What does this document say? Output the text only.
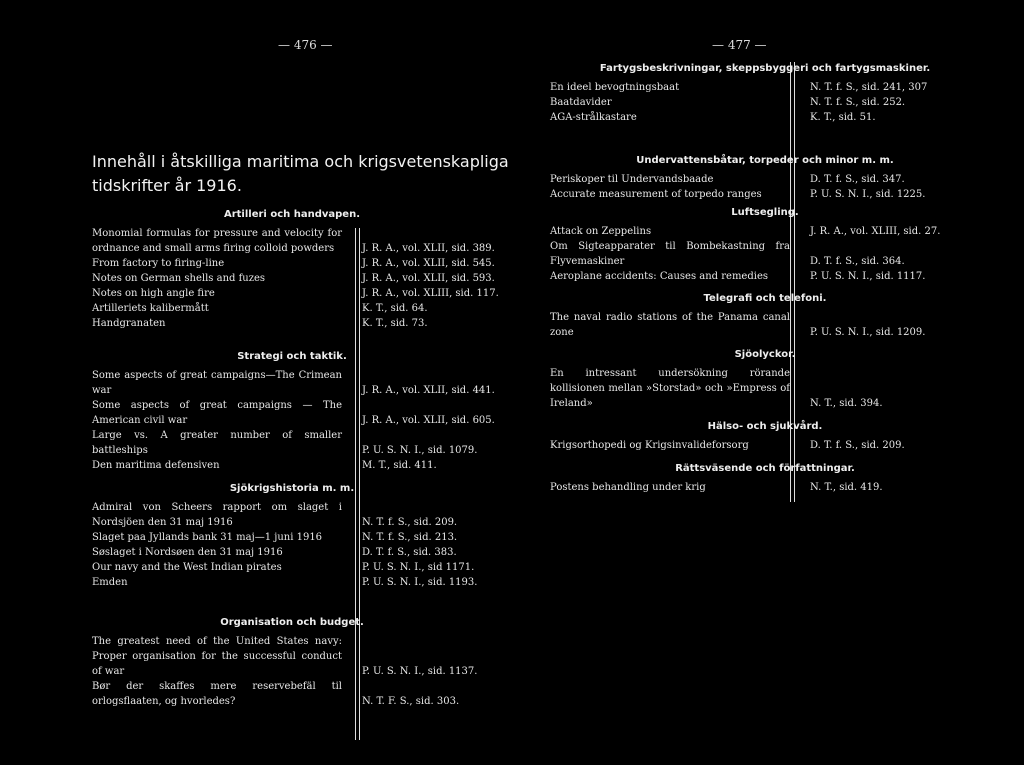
— 476 —
Innehåll i åtskilliga maritima och krigsvetenskapliga
tidskrifter år 1916.
Artilleri och handvapen.
Monomial formulas for pressure and velocity for ordnance and small arms firing colloid powders	J. R. A., vol. XLII, sid. 389.
From factory to firing-line	J. R. A., vol. XLII, sid. 545.
Notes on German shells and fuzes	J. R. A., vol. XLII, sid. 593.
Notes on high angle fire	J. R. A., vol. XLIII, sid. 117.
Artilleriets kalibermått	K. T., sid. 64.
Handgranaten	K. T., sid. 73.
Strategi och taktik.
Some aspects of great campaigns—The Crimean war	J. R. A., vol. XLII, sid. 441.
Some aspects of great campaigns — The American civil war	J. R. A., vol. XLII, sid. 605.
Large vs. A greater number of smaller battleships	P. U. S. N. I., sid. 1079.
Den maritima defensiven	M. T., sid. 411.
Sjökrigshistoria m. m.
Admiral von Scheers rapport om slaget i Nordsjöen den 31 maj 1916	N. T. f. S., sid. 209.
Slaget paa Jyllands bank 31 maj—1 juni 1916	N. T. f. S., sid. 213.
Søslaget i Nordsøen den 31 maj 1916	D. T. f. S., sid. 383.
Our navy and the West Indian pirates	P. U. S. N. I., sid 1171.
Emden	P. U. S. N. I., sid. 1193.
Organisation och budget.
The greatest need of the United States navy: Proper organisation for the successful conduct of war	P. U. S. N. I., sid. 1137.
Bør der skaffes mere reservebefäl til orlogsflaaten, og hvorledes?	N. T. F. S., sid. 303.
— 477 —
Fartygsbeskrivningar, skeppsbyggeri och fartygsmaskiner.
En ideel bevogtningsbaat	N. T. f. S., sid. 241, 307
Baatdavider	N. T. f. S., sid. 252.
AGA-strålkastare	K. T., sid. 51.
Undervattensbåtar, torpeder och minor m. m.
Periskoper til Undervandsbaade	D. T. f. S., sid. 347.
Accurate measurement of torpedo ranges	P. U. S. N. I., sid. 1225.
Luftsegling.
Attack on Zeppelins	J. R. A., vol. XLIII, sid. 27.
Om Sigteapparater til Bombekastning fra Flyvemaskiner	D. T. f. S., sid. 364.
Aeroplane accidents: Causes and remedies	P. U. S. N. I., sid. 1117.
Telegrafi och telefoni.
The naval radio stations of the Panama canal zone	P. U. S. N. I., sid. 1209.
Sjöolyckor.
En intressant undersökning rörande kollisionen mellan »Storstad» och »Empress of Ireland»	N. T., sid. 394.
Hälso- och sjukvård.
Krigsorthopedi og Krigsinvalideforsorg	D. T. f. S., sid. 209.
Rättsväsende och författningar.
Postens behandling under krig	N. T., sid. 419.
